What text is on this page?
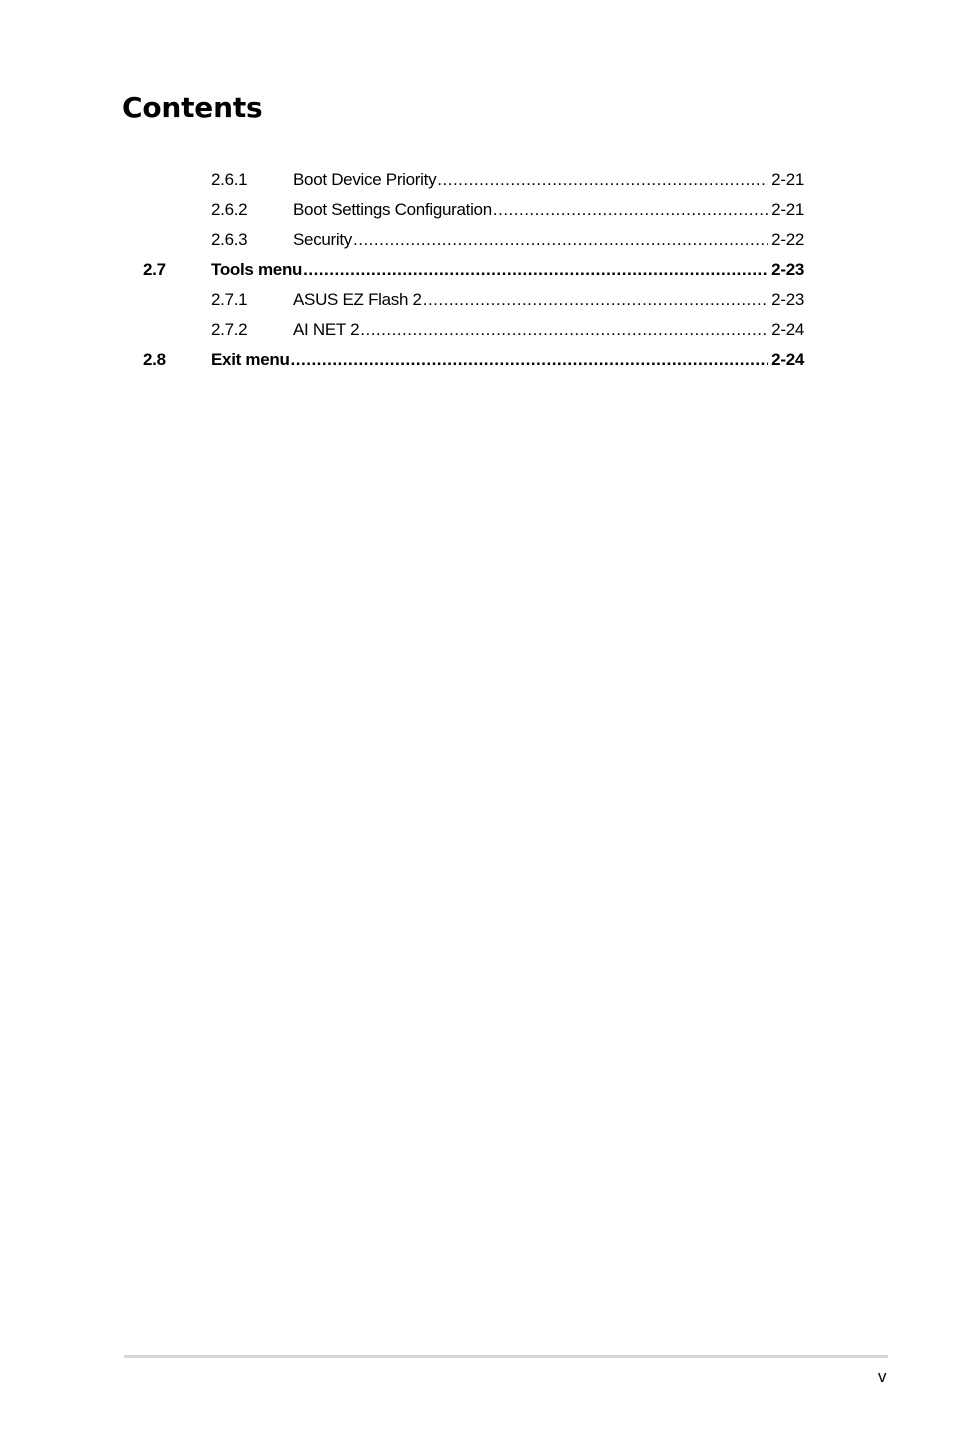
Contents
2.6.1	Boot Device Priority .....	2-21
2.6.2	Boot Settings Configuration .....	2-21
2.6.3	Security .....	2-22
2.7	Tools menu .....	2-23
2.7.1	ASUS EZ Flash 2 .....	2-23
2.7.2	AI NET 2 .....	2-24
2.8	Exit menu .....	2-24
v
